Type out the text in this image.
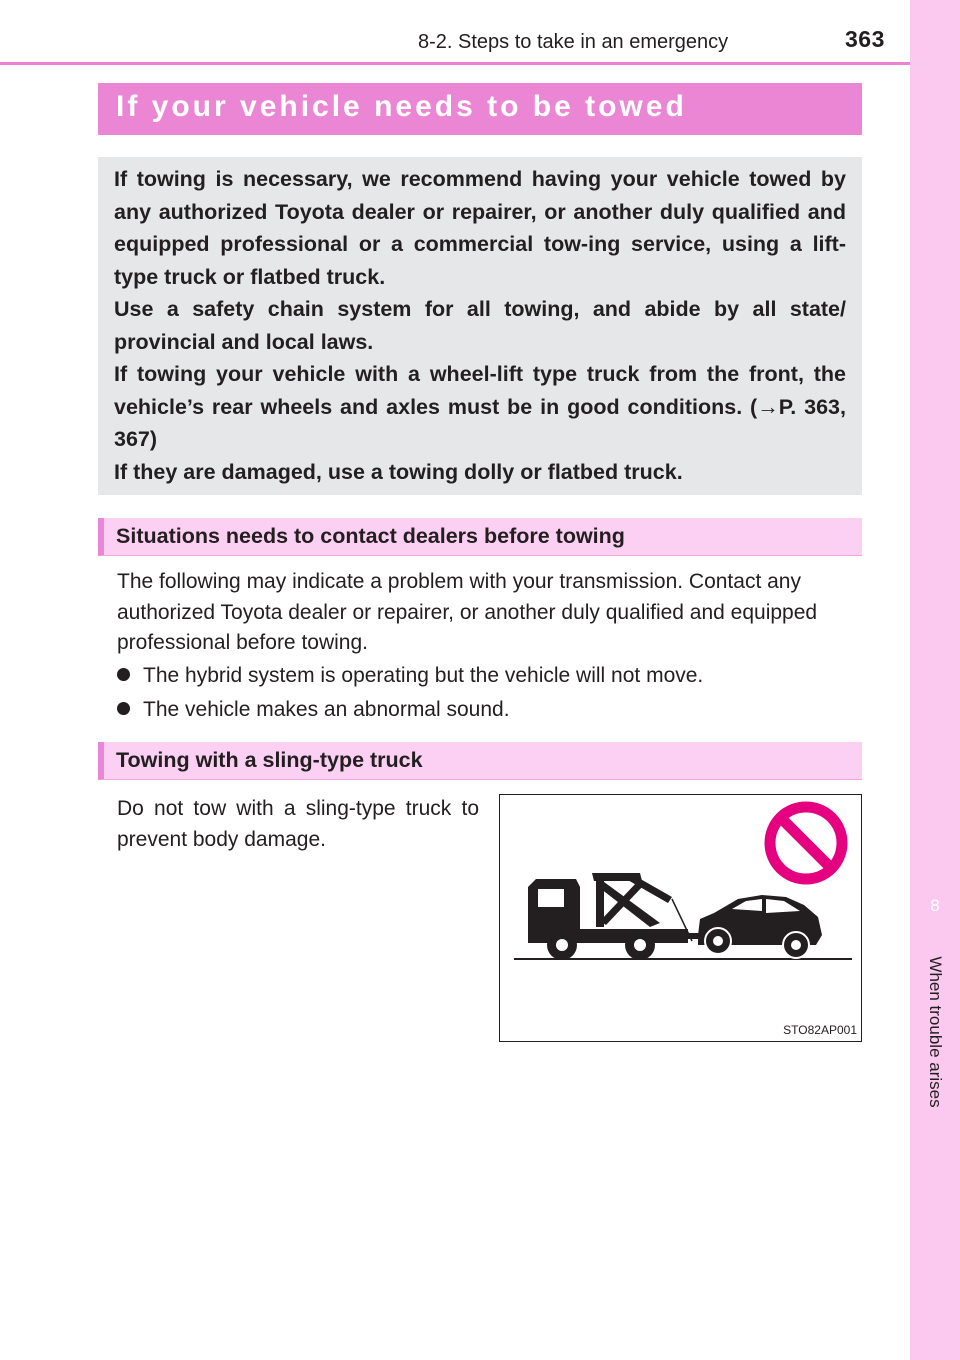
8-2. Steps to take in an emergency	363
8
When trouble arises
If your vehicle needs to be towed

If towing is necessary, we recommend having your vehicle towed by any authorized Toyota dealer or repairer, or another duly qualified and equipped professional or a commercial tow-ing service, using a lift-type truck or flatbed truck.

Use a safety chain system for all towing, and abide by all state/ provincial and local laws.

If towing your vehicle with a wheel-lift type truck from the front, the vehicle’s rear wheels and axles must be in good conditions. (→P. 363, 367)

If they are damaged, use a towing dolly or flatbed truck.

Situations needs to contact dealers before towing
The following may indicate a problem with your transmission. Contact any authorized Toyota dealer or repairer, or another duly qualified and equipped professional before towing.
The hybrid system is operating but the vehicle will not move.
The vehicle makes an abnormal sound.
Towing with a sling-type truck
Do not tow with a sling-type truck to prevent body damage.
STO82AP001
